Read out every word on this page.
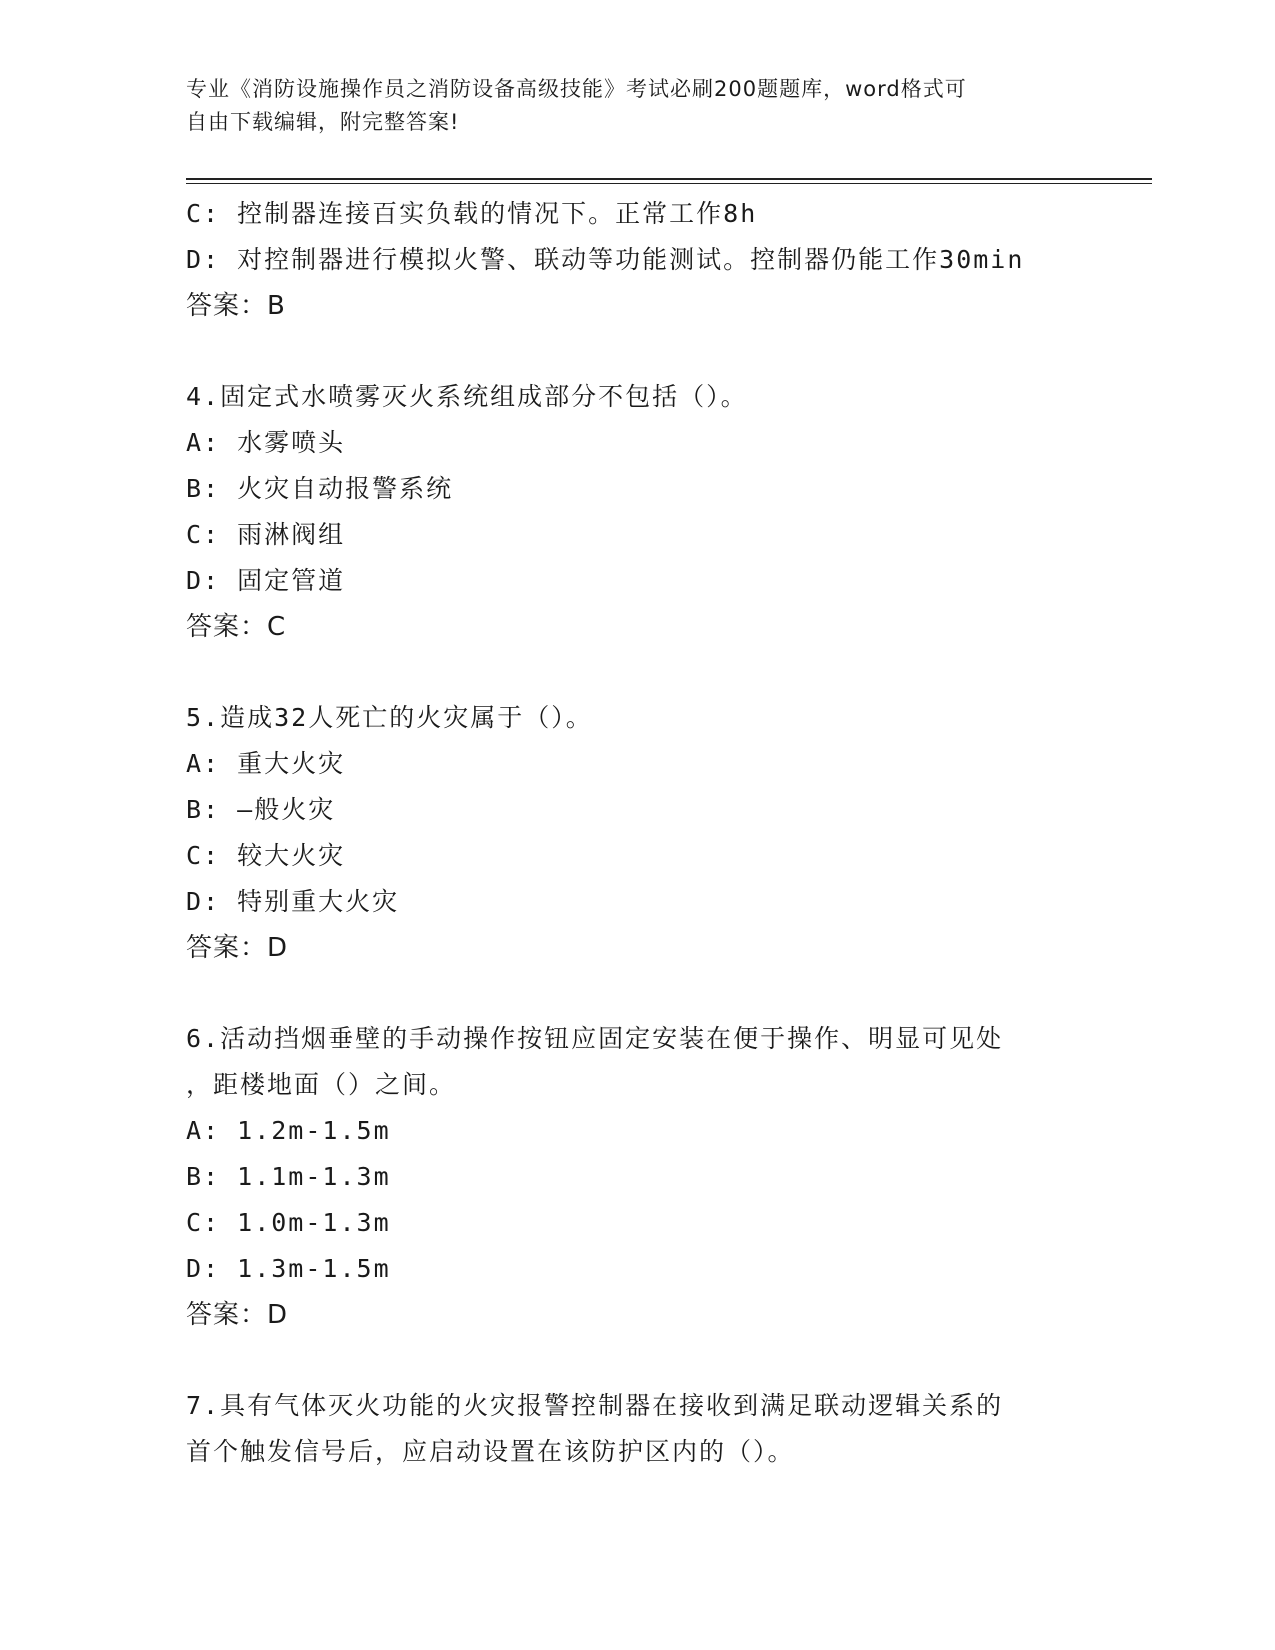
专业《消防设施操作员之消防设备高级技能》考试必刷200题题库，word格式可
自由下载编辑，附完整答案!
C: 控制器连接百实负载的情况下。正常工作8h
D: 对控制器进行模拟火警、联动等功能测试。控制器仍能工作30min
答案：B
4.固定式水喷雾灭火系统组成部分不包括（）。
A: 水雾喷头
B: 火灾自动报警系统
C: 雨淋阀组
D: 固定管道
答案：C
5.造成32人死亡的火灾属于（）。
A: 重大火灾
B: —般火灾
C: 较大火灾
D: 特别重大火灾
答案：D
6.活动挡烟垂壁的手动操作按钮应固定安装在便于操作、明显可见处
，距楼地面（）之间。
A: 1.2m-1.5m
B: 1.1m-1.3m
C: 1.0m-1.3m
D: 1.3m-1.5m
答案：D
7.具有气体灭火功能的火灾报警控制器在接收到满足联动逻辑关系的
首个触发信号后，应启动设置在该防护区内的（）。
